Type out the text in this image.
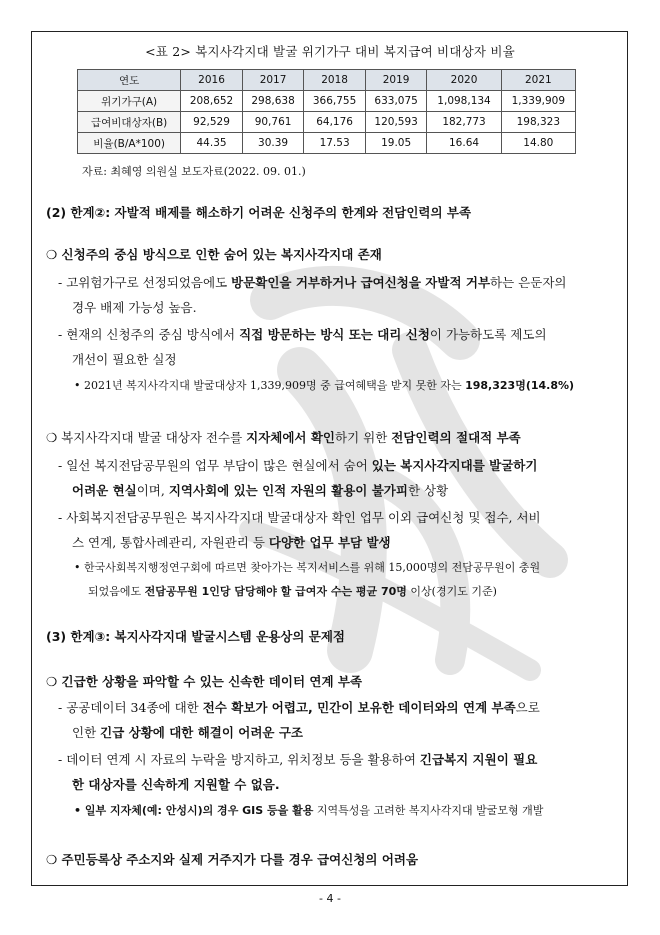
<표 2> 복지사각지대 발굴 위기가구 대비 복지급여 비대상자 비율
연도	2016	2017	2018	2019	2020	2021
위기가구(A)	208,652	298,638	366,755	633,075	1,098,134	1,339,909
급여비대상자(B)	92,529	90,761	64,176	120,593	182,773	198,323
비율(B/A*100)	44.35	30.39	17.53	19.05	16.64	14.80
자료: 최혜영 의원실 보도자료(2022. 09. 01.)
(2) 한계②: 자발적 배제를 해소하기 어려운 신청주의 한계와 전담인력의 부족
❍ 신청주의 중심 방식으로 인한 숨어 있는 복지사각지대 존재
- 고위험가구로 선정되었음에도 방문확인을 거부하거나 급여신청을 자발적 거부하는 은둔자의
경우 배제 가능성 높음.
- 현재의 신청주의 중심 방식에서 직접 방문하는 방식 또는 대리 신청이 가능하도록 제도의
개선이 필요한 실정
• 2021년 복지사각지대 발굴대상자 1,339,909명 중 급여혜택을 받지 못한 자는 198,323명(14.8%)
❍ 복지사각지대 발굴 대상자 전수를 지자체에서 확인하기 위한 전담인력의 절대적 부족
- 일선 복지전담공무원의 업무 부담이 많은 현실에서 숨어 있는 복지사각지대를 발굴하기
어려운 현실이며, 지역사회에 있는 인적 자원의 활용이 불가피한 상황
- 사회복지전담공무원은 복지사각지대 발굴대상자 확인 업무 이외 급여신청 및 접수, 서비
스 연계, 통합사례관리, 자원관리 등 다양한 업무 부담 발생
• 한국사회복지행정연구회에 따르면 찾아가는 복지서비스를 위해 15,000명의 전담공무원이 충원
되었음에도 전담공무원 1인당 담당해야 할 급여자 수는 평균 70명 이상(경기도 기준)
(3) 한계③: 복지사각지대 발굴시스템 운용상의 문제점
❍ 긴급한 상황을 파악할 수 있는 신속한 데이터 연계 부족
- 공공데이터 34종에 대한 전수 확보가 어렵고, 민간이 보유한 데이터와의 연계 부족으로
인한 긴급 상황에 대한 해결이 어려운 구조
- 데이터 연계 시 자료의 누락을 방지하고, 위치정보 등을 활용하여 긴급복지 지원이 필요
한 대상자를 신속하게 지원할 수 없음.
• 일부 지자체(예: 안성시)의 경우 GIS 등을 활용 지역특성을 고려한 복지사각지대 발굴모형 개발
❍ 주민등록상 주소지와 실제 거주지가 다를 경우 급여신청의 어려움
- 4 -
